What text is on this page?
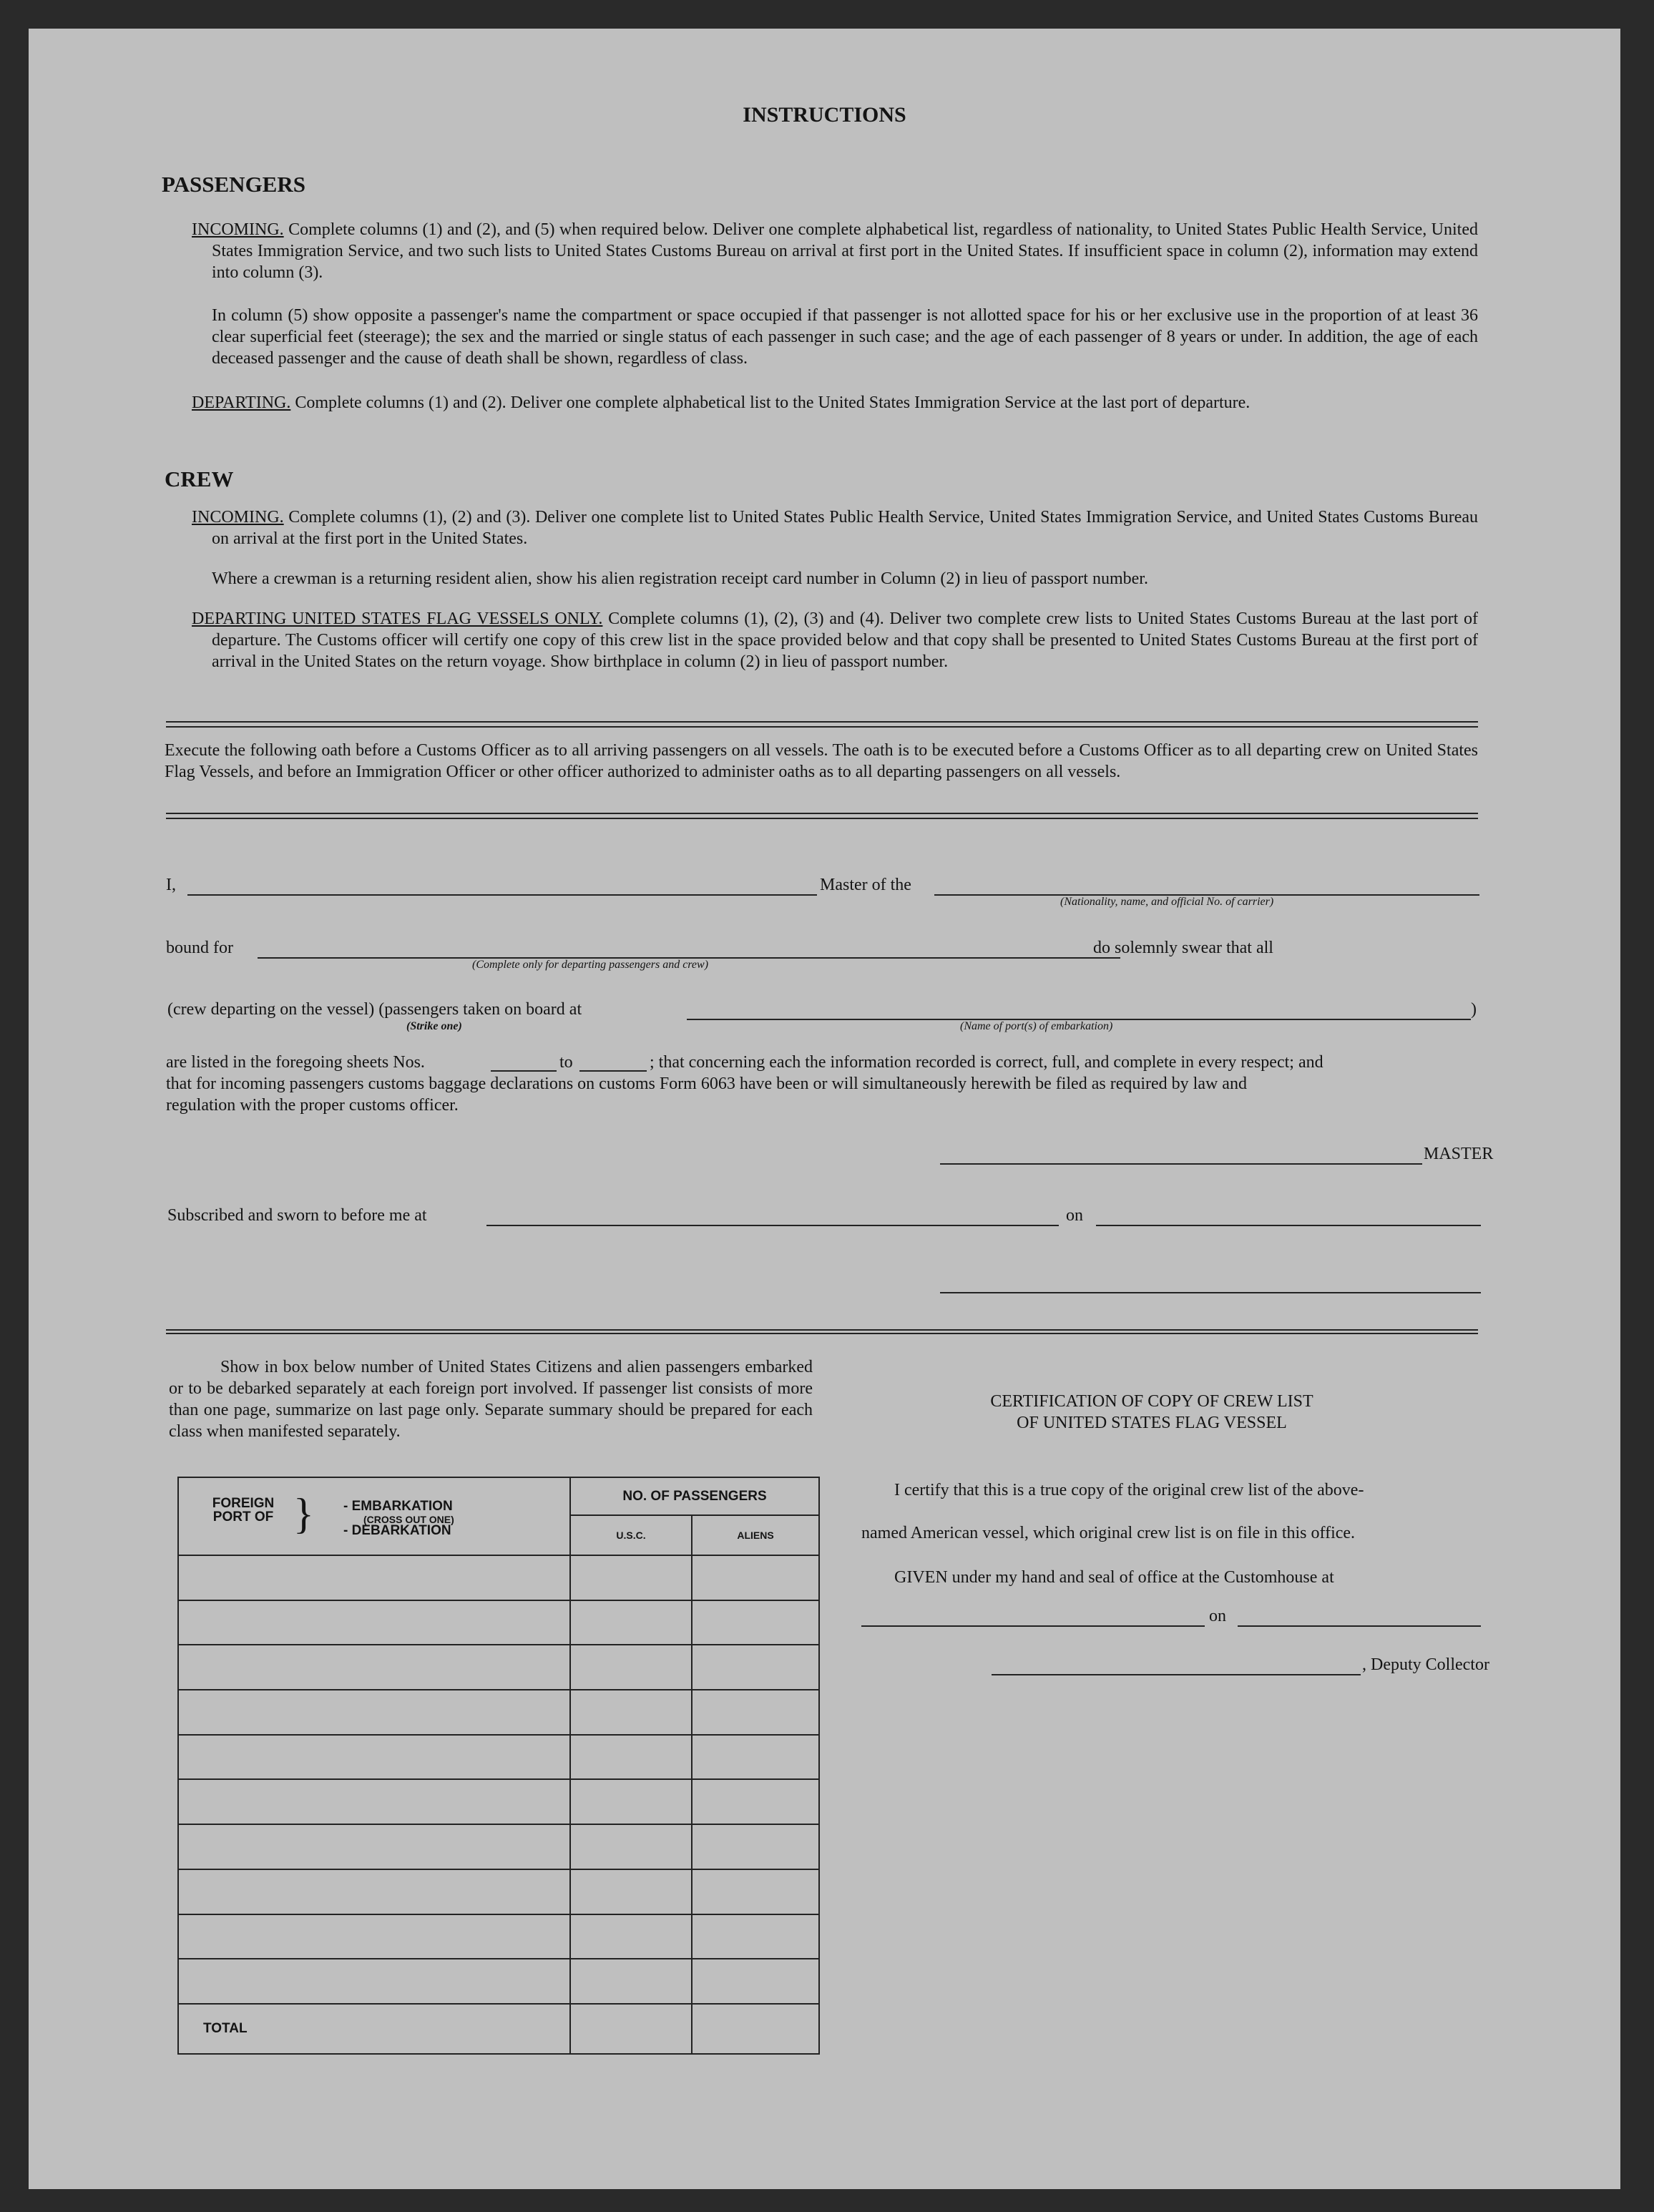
INSTRUCTIONS
PASSENGERS
INCOMING. Complete columns (1) and (2), and (5) when required below. Deliver one complete alphabetical list, regardless of nationality, to United States Public Health Service, United States Immigration Service, and two such lists to United States Customs Bureau on arrival at first port in the United States. If insufficient space in column (2), information may extend into column (3).
In column (5) show opposite a passenger's name the compartment or space occupied if that passenger is not allotted space for his or her exclusive use in the proportion of at least 36 clear superficial feet (steerage); the sex and the married or single status of each passenger in such case; and the age of each passenger of 8 years or under. In addition, the age of each deceased passenger and the cause of death shall be shown, regardless of class.
DEPARTING. Complete columns (1) and (2). Deliver one complete alphabetical list to the United States Immigration Service at the last port of departure.
CREW
INCOMING. Complete columns (1), (2) and (3). Deliver one complete list to United States Public Health Service, United States Immigration Service, and United States Customs Bureau on arrival at the first port in the United States.
Where a crewman is a returning resident alien, show his alien registration receipt card number in Column (2) in lieu of passport number.
DEPARTING UNITED STATES FLAG VESSELS ONLY. Complete columns (1), (2), (3) and (4). Deliver two complete crew lists to United States Customs Bureau at the last port of departure. The Customs officer will certify one copy of this crew list in the space provided below and that copy shall be presented to United States Customs Bureau at the first port of arrival in the United States on the return voyage. Show birthplace in column (2) in lieu of passport number.
Execute the following oath before a Customs Officer as to all arriving passengers on all vessels. The oath is to be executed before a Customs Officer as to all departing crew on United States Flag Vessels, and before an Immigration Officer or other officer authorized to administer oaths as to all departing passengers on all vessels.
I,	Master of the
(Nationality, name, and official No. of carrier)
bound for
(Complete only for departing passengers and crew)
do solemnly swear that all
(crew departing on the vessel) (passengers taken on board at
(Strike one)
)
(Name of port(s) of embarkation)
are listed in the foregoing sheets Nos.	to	; that concerning each the information recorded is correct, full, and complete in every respect; and
that for incoming passengers customs baggage declarations on customs Form 6063 have been or will simultaneously herewith be filed as required by law and
regulation with the proper customs officer.
MASTER
Subscribed and sworn to before me at	on
Show in box below number of United States Citizens and alien passengers embarked or to be debarked separately at each foreign port involved. If passenger list consists of more than one page, summarize on last page only. Separate summary should be prepared for each class when manifested separately.
FOREIGN PORT OF } - EMBARKATION
(CROSS OUT ONE)
- DEBARKATION	NO. OF PASSENGERS	
	U.S.C.	ALIENS

TOTAL		
CERTIFICATION OF COPY OF CREW LIST
OF UNITED STATES FLAG VESSEL
I certify that this is a true copy of the original crew list of the above-
named American vessel, which original crew list is on file in this office.
GIVEN under my hand and seal of office at the Customhouse at
on
, Deputy Collector
